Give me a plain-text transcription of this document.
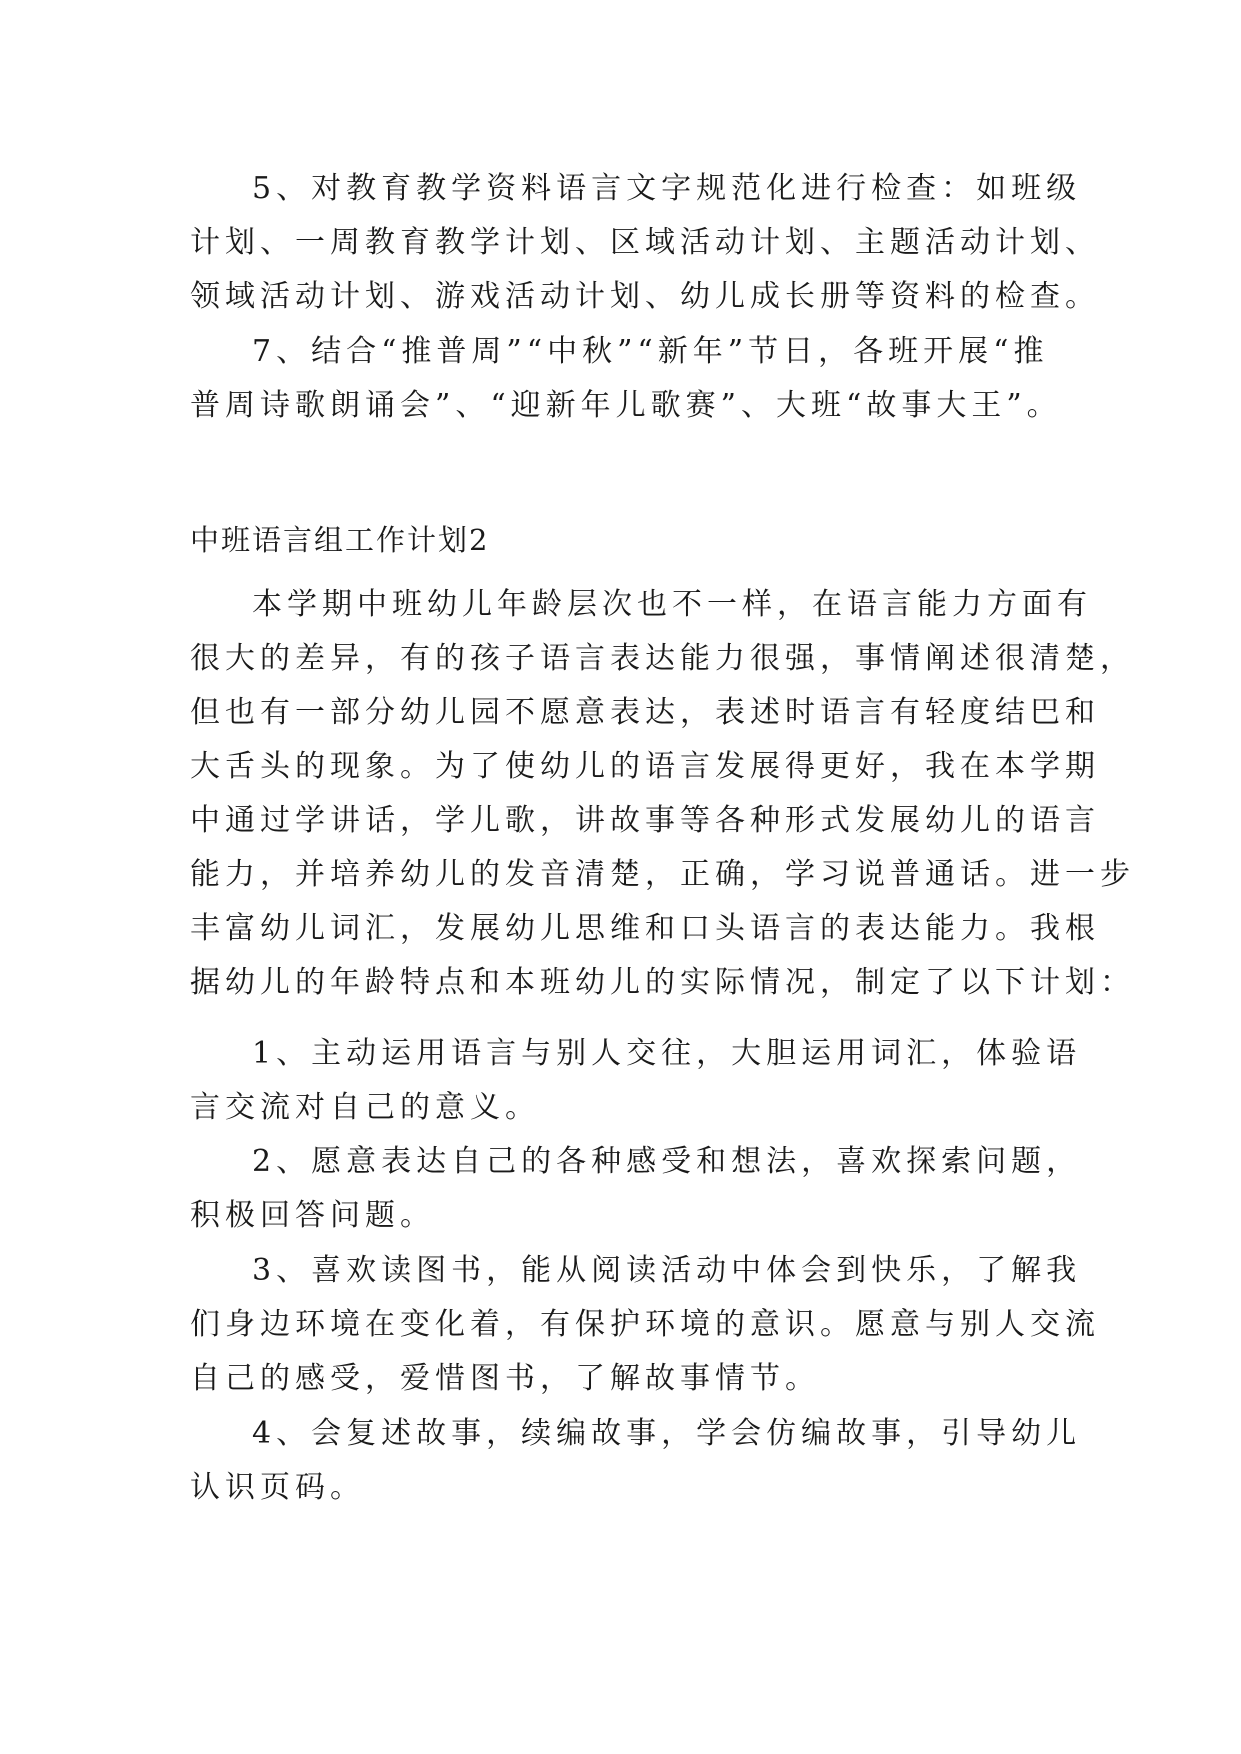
5、对教育教学资料语言文字规范化进行检查：如班级
计划、一周教育教学计划、区域活动计划、主题活动计划、
领域活动计划、游戏活动计划、幼儿成长册等资料的检查。
7、结合“推普周”“中秋”“新年”节日，各班开展“推
普周诗歌朗诵会”、“迎新年儿歌赛”、大班“故事大王”。
中班语言组工作计划2
本学期中班幼儿年龄层次也不一样，在语言能力方面有
很大的差异，有的孩子语言表达能力很强，事情阐述很清楚，
但也有一部分幼儿园不愿意表达，表述时语言有轻度结巴和
大舌头的现象。为了使幼儿的语言发展得更好，我在本学期
中通过学讲话，学儿歌，讲故事等各种形式发展幼儿的语言
能力，并培养幼儿的发音清楚，正确，学习说普通话。进一步
丰富幼儿词汇，发展幼儿思维和口头语言的表达能力。我根
据幼儿的年龄特点和本班幼儿的实际情况，制定了以下计划：
1、主动运用语言与别人交往，大胆运用词汇，体验语
言交流对自己的意义。
2、愿意表达自己的各种感受和想法，喜欢探索问题，
积极回答问题。
3、喜欢读图书，能从阅读活动中体会到快乐，了解我
们身边环境在变化着，有保护环境的意识。愿意与别人交流
自己的感受，爱惜图书，了解故事情节。
4、会复述故事，续编故事，学会仿编故事，引导幼儿
认识页码。
